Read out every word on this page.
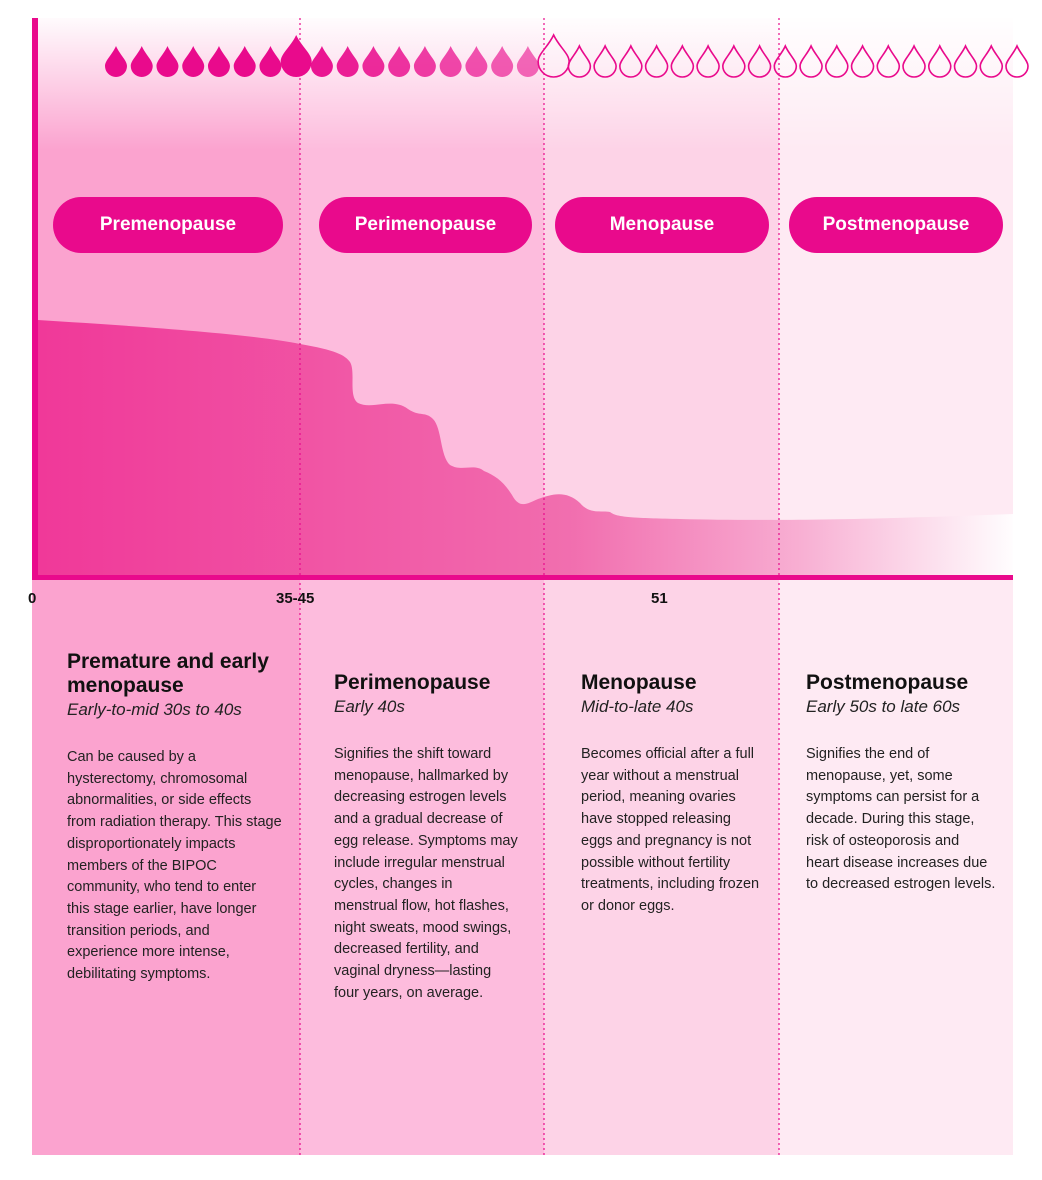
Premenopause	Perimenopause	Menopause	Postmenopause
0	35-45	51

Premature and early menopause

Early-to-mid 30s to 40s

Can be caused by a hysterectomy, chromosomal abnormalities, or side effects from radiation therapy. This stage disproportionately impacts members of the BIPOC community, who tend to enter this stage earlier, have longer transition periods, and experience more intense, debilitating symptoms.

Perimenopause

Early 40s

Signifies the shift toward menopause, hallmarked by decreasing estrogen levels and a gradual decrease of egg release. Symptoms may include irregular menstrual cycles, changes in menstrual flow, hot flashes, night sweats, mood swings, decreased fertility, and vaginal dryness—lasting four years, on average.

Menopause

Mid-to-late 40s

Becomes official after a full year without a menstrual period, meaning ovaries have stopped releasing eggs and pregnancy is not possible without fertility treatments, including frozen or donor eggs.

Postmenopause

Early 50s to late 60s

Signifies the end of menopause, yet, some symptoms can persist for a decade. During this stage, risk of osteoporosis and heart disease increases due to decreased estrogen levels.
